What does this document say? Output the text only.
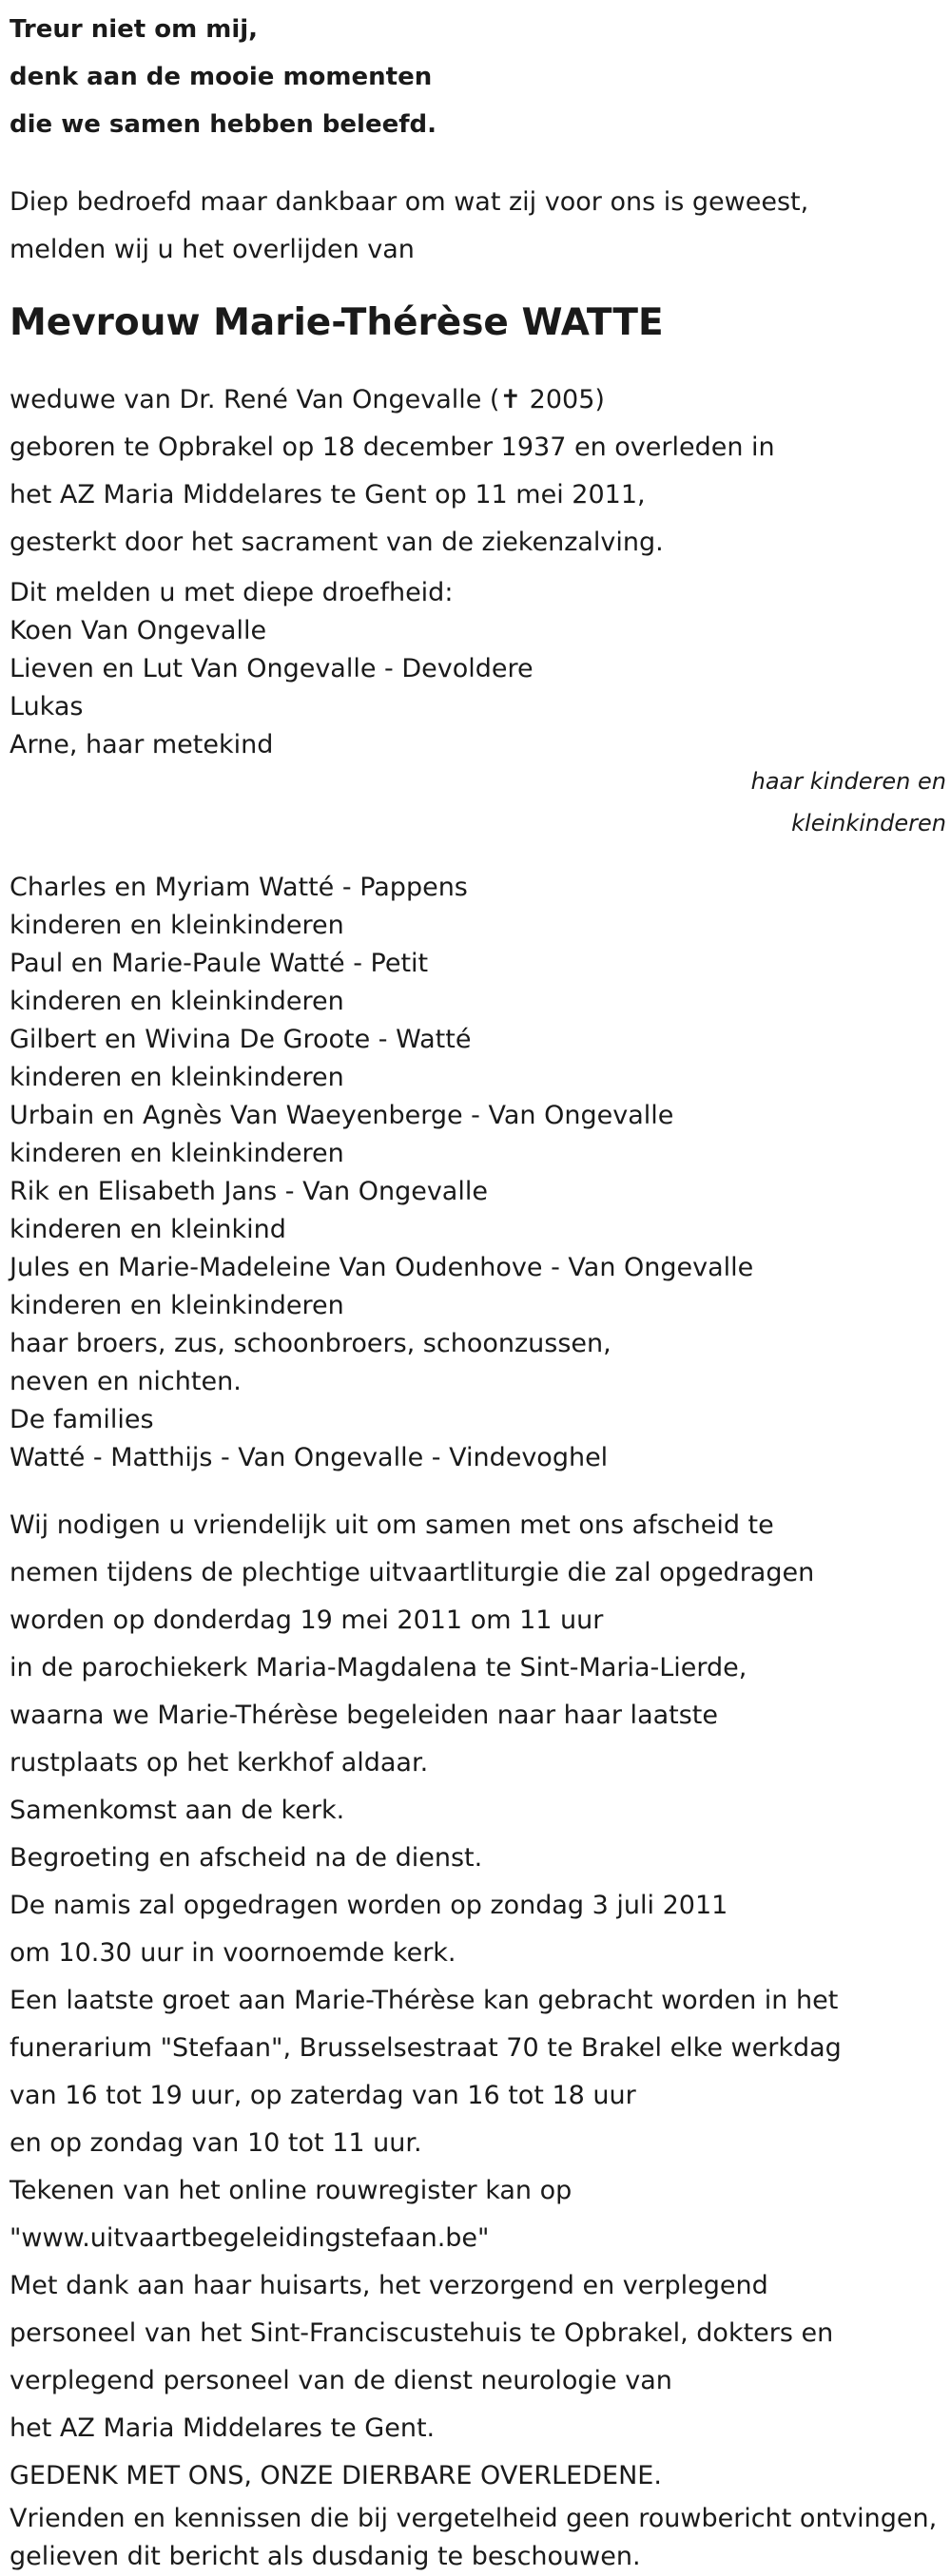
Treur niet om mij,
denk aan de mooie momenten
die we samen hebben beleefd.
Diep bedroefd maar dankbaar om wat zij voor ons is geweest,
melden wij u het overlijden van
Mevrouw Marie-Thérèse WATTE
weduwe van Dr. René Van Ongevalle (✝ 2005)
geboren te Opbrakel op 18 december 1937 en overleden in
het AZ Maria Middelares te Gent op 11 mei 2011,
gesterkt door het sacrament van de ziekenzalving.
Dit melden u met diepe droefheid:
Koen Van Ongevalle
Lieven en Lut Van Ongevalle - Devoldere
Lukas
Arne, haar metekind
haar kinderen en
kleinkinderen
Charles en Myriam Watté - Pappens
kinderen en kleinkinderen
Paul en Marie-Paule Watté - Petit
kinderen en kleinkinderen
Gilbert en Wivina De Groote - Watté
kinderen en kleinkinderen
Urbain en Agnès Van Waeyenberge - Van Ongevalle
kinderen en kleinkinderen
Rik en Elisabeth Jans - Van Ongevalle
kinderen en kleinkind
Jules en Marie-Madeleine Van Oudenhove - Van Ongevalle
kinderen en kleinkinderen
haar broers, zus, schoonbroers, schoonzussen,
neven en nichten.
De families
Watté - Matthijs - Van Ongevalle - Vindevoghel
Wij nodigen u vriendelijk uit om samen met ons afscheid te
nemen tijdens de plechtige uitvaartliturgie die zal opgedragen
worden op donderdag 19 mei 2011 om 11 uur
in de parochiekerk Maria-Magdalena te Sint-Maria-Lierde,
waarna we Marie-Thérèse begeleiden naar haar laatste
rustplaats op het kerkhof aldaar.
Samenkomst aan de kerk.
Begroeting en afscheid na de dienst.
De namis zal opgedragen worden op zondag 3 juli 2011
om 10.30 uur in voornoemde kerk.
Een laatste groet aan Marie-Thérèse kan gebracht worden in het
funerarium "Stefaan", Brusselsestraat 70 te Brakel elke werkdag
van 16 tot 19 uur, op zaterdag van 16 tot 18 uur
en op zondag van 10 tot 11 uur.
Tekenen van het online rouwregister kan op
"www.uitvaartbegeleidingstefaan.be"
Met dank aan haar huisarts, het verzorgend en verplegend
personeel van het Sint-Franciscustehuis te Opbrakel, dokters en
verplegend personeel van de dienst neurologie van
het AZ Maria Middelares te Gent.
GEDENK MET ONS, ONZE DIERBARE OVERLEDENE.
Vrienden en kennissen die bij vergetelheid geen rouwbericht ontvingen,
gelieven dit bericht als dusdanig te beschouwen.
